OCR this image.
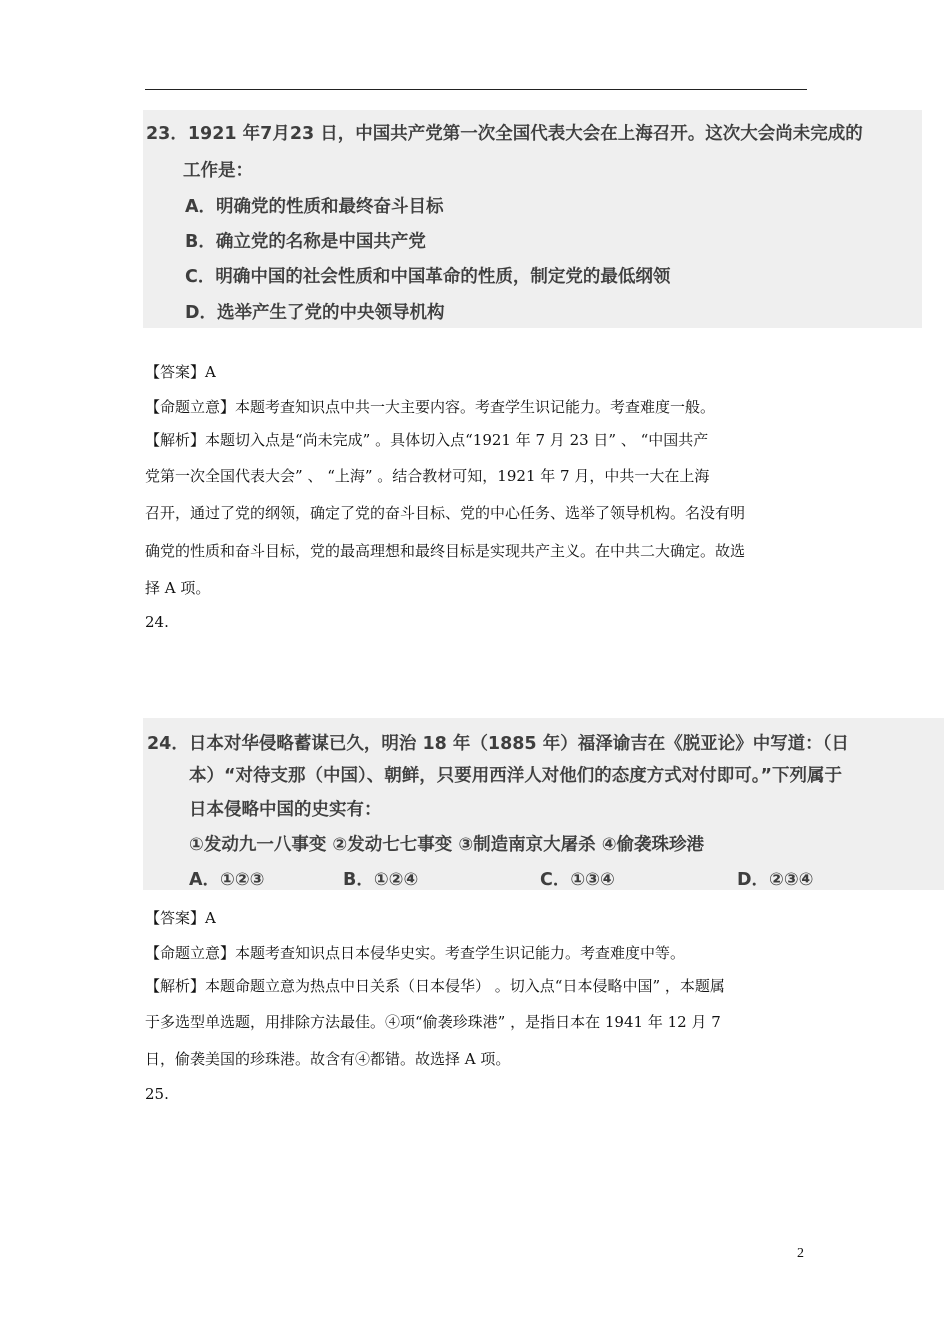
23．1921 年7月23 日，中国共产党第一次全国代表大会在上海召开。这次大会尚未完成的
工作是：
A．明确党的性质和最终奋斗目标
B．确立党的名称是中国共产党
C．明确中国的社会性质和中国革命的性质，制定党的最低纲领
D．选举产生了党的中央领导机构
【答案】A
【命题立意】本题考查知识点中共一大主要内容。考查学生识记能力。考查难度一般。
【解析】本题切入点是“尚未完成” 。具体切入点“1921 年 7 月 23 日” 、 “中国共产
党第一次全国代表大会” 、 “上海” 。结合教材可知，1921 年 7 月，中共一大在上海
召开，通过了党的纲领，确定了党的奋斗目标、党的中心任务、选举了领导机构。名没有明
确党的性质和奋斗目标，党的最高理想和最终目标是实现共产主义。在中共二大确定。故选
择 A 项。
24.
24．日本对华侵略蓄谋已久，明治 18 年（1885 年）福泽谕吉在《脱亚论》中写道：（日
本）“对待支那（中国）、朝鲜，只要用西洋人对他们的态度方式对付即可。”下列属于
日本侵略中国的史实有：
①发动九一八事变 ②发动七七事变 ③制造南京大屠杀 ④偷袭珠珍港
A．①②③	B．①②④	C．①③④	D．②③④
【答案】A
【命题立意】本题考查知识点日本侵华史实。考查学生识记能力。考查难度中等。
【解析】本题命题立意为热点中日关系（日本侵华） 。切入点“日本侵略中国” ，本题属
于多选型单选题，用排除方法最佳。④项“偷袭珍珠港” ，是指日本在 1941 年 12 月 7
日，偷袭美国的珍珠港。故含有④都错。故选择 A 项。
25.
2
